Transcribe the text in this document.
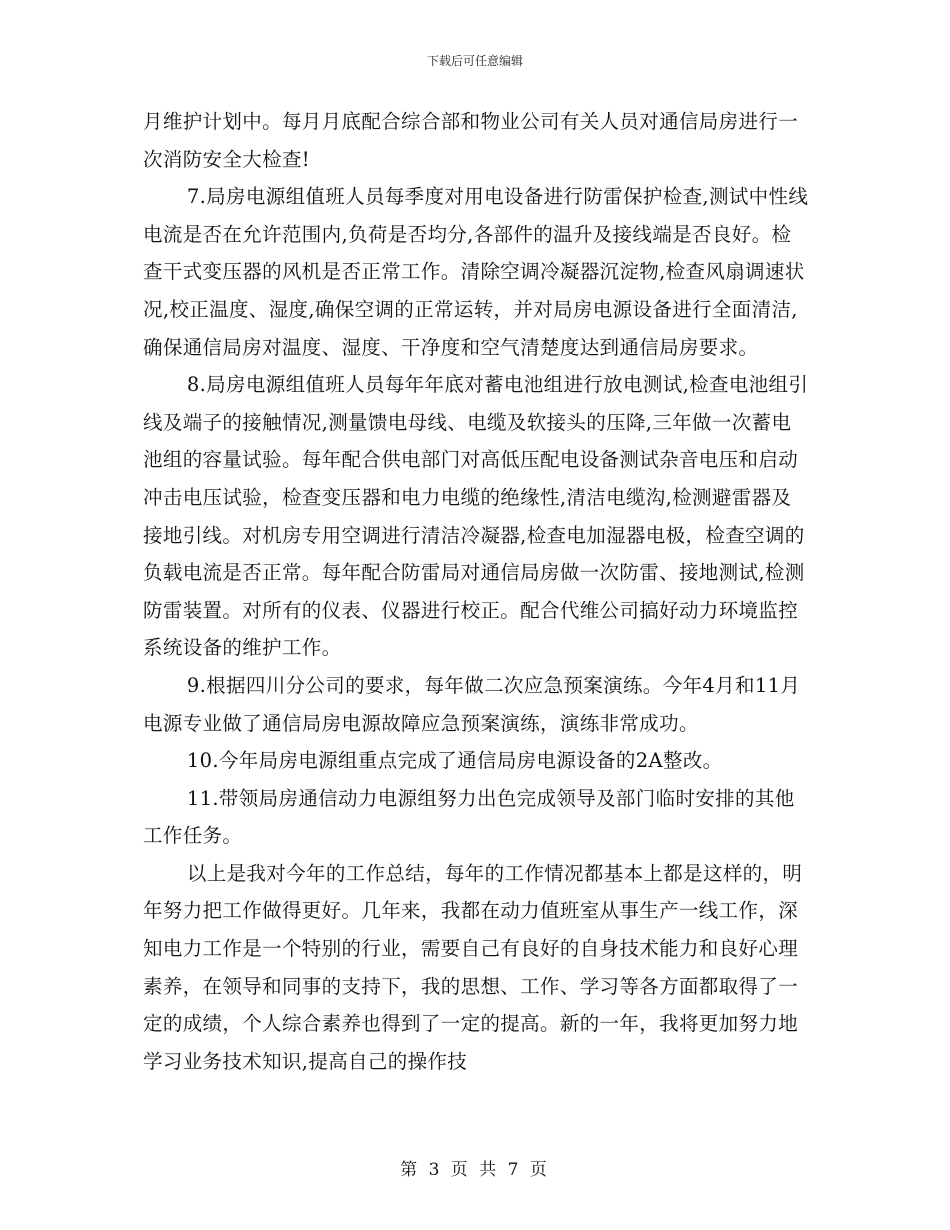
下载后可任意编辑

月维护计划中。每月月底配合综合部和物业公司有关人员对通信局房进行一次消防安全大检查!

7.局房电源组值班人员每季度对用电设备进行防雷保护检查,测试中性线电流是否在允许范围内,负荷是否均分,各部件的温升及接线端是否良好。检查干式变压器的风机是否正常工作。清除空调冷凝器沉淀物,检查风扇调速状况,校正温度、湿度,确保空调的正常运转，并对局房电源设备进行全面清洁,确保通信局房对温度、湿度、干净度和空气清楚度达到通信局房要求。

8.局房电源组值班人员每年年底对蓄电池组进行放电测试,检查电池组引线及端子的接触情况,测量馈电母线、电缆及软接头的压降,三年做一次蓄电池组的容量试验。每年配合供电部门对高低压配电设备测试杂音电压和启动冲击电压试验，检查变压器和电力电缆的绝缘性,清洁电缆沟,检测避雷器及接地引线。对机房专用空调进行清洁冷凝器,检查电加湿器电极，检查空调的负载电流是否正常。每年配合防雷局对通信局房做一次防雷、接地测试,检测防雷装置。对所有的仪表、仪器进行校正。配合代维公司搞好动力环境监控系统设备的维护工作。

9.根据四川分公司的要求，每年做二次应急预案演练。今年4月和11月电源专业做了通信局房电源故障应急预案演练，演练非常成功。

10.今年局房电源组重点完成了通信局房电源设备的2A整改。

11.带领局房通信动力电源组努力出色完成领导及部门临时安排的其他工作任务。

以上是我对今年的工作总结，每年的工作情况都基本上都是这样的，明年努力把工作做得更好。几年来，我都在动力值班室从事生产一线工作，深知电力工作是一个特别的行业，需要自己有良好的自身技术能力和良好心理素养，在领导和同事的支持下，我的思想、工作、学习等各方面都取得了一定的成绩，个人综合素养也得到了一定的提高。新的一年，我将更加努力地学习业务技术知识,提高自己的操作技

第 3 页 共 7 页
